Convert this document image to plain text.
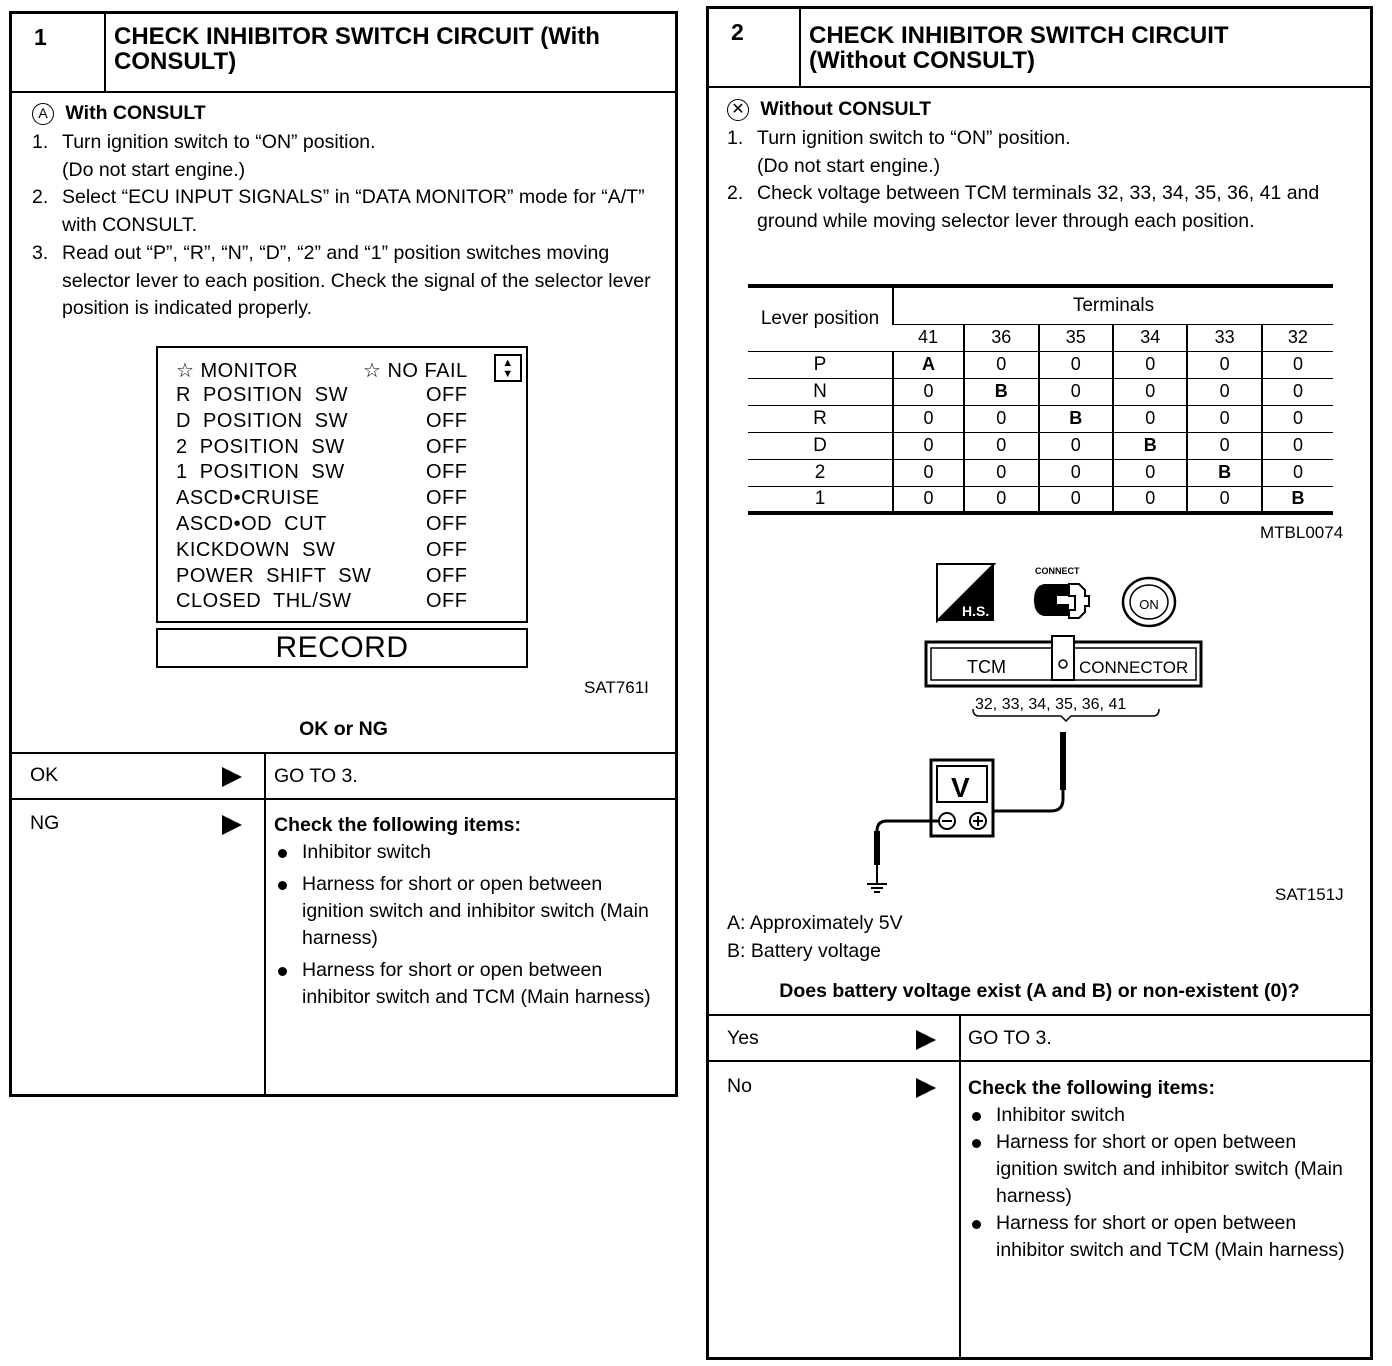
1	CHECK INHIBITOR SWITCH CIRCUIT (With CONSULT)
A With CONSULT
1. Turn ignition switch to “ON” position.
(Do not start engine.)
2. Select “ECU INPUT SIGNALS” in “DATA MONITOR” mode for “A/T” with CONSULT.
3. Read out “P”, “R”, “N”, “D”, “2” and “1” position switches moving selector lever to each position. Check the signal of the selector lever position is indicated properly.
☆ MONITOR	☆ NO FAIL	▲
▼
R  POSITION  SW	OFF
D  POSITION  SW	OFF
2  POSITION  SW	OFF
1  POSITION  SW	OFF
ASCD•CRUISE	OFF
ASCD•OD  CUT	OFF
KICKDOWN  SW	OFF
POWER  SHIFT  SW	OFF
CLOSED  THL/SW	OFF
RECORD
SAT761I
OK or NG
OK	GO TO 3.
NG	Check the following items:
Inhibitor switch
Harness for short or open between ignition switch and inhibitor switch (Main harness)
Harness for short or open between inhibitor switch and TCM (Main harness)
2	CHECK INHIBITOR SWITCH CIRCUIT (Without CONSULT)
✕ Without CONSULT
1. Turn ignition switch to “ON” position.
(Do not start engine.)
2. Check voltage between TCM terminals 32, 33, 34, 35, 36, 41 and ground while moving selector lever through each position.
Lever position	Terminals					
	41	36	35	34	33	32
P	A	0	0	0	0	0
N	0	B	0	0	0	0
R	0	0	B	0	0	0
D	0	0	0	B	0	0
2	0	0	0	0	B	0
1	0	0	0	0	0	B
MTBL0074
H.S.
CONNECT
ON
TCM	CONNECTOR
32, 33, 34, 35, 36, 41
V
SAT151J
A: Approximately 5V
B: Battery voltage
Does battery voltage exist (A and B) or non-existent (0)?
Yes	GO TO 3.
No	Check the following items:
Inhibitor switch
Harness for short or open between ignition switch and inhibitor switch (Main harness)
Harness for short or open between inhibitor switch and TCM (Main harness)
